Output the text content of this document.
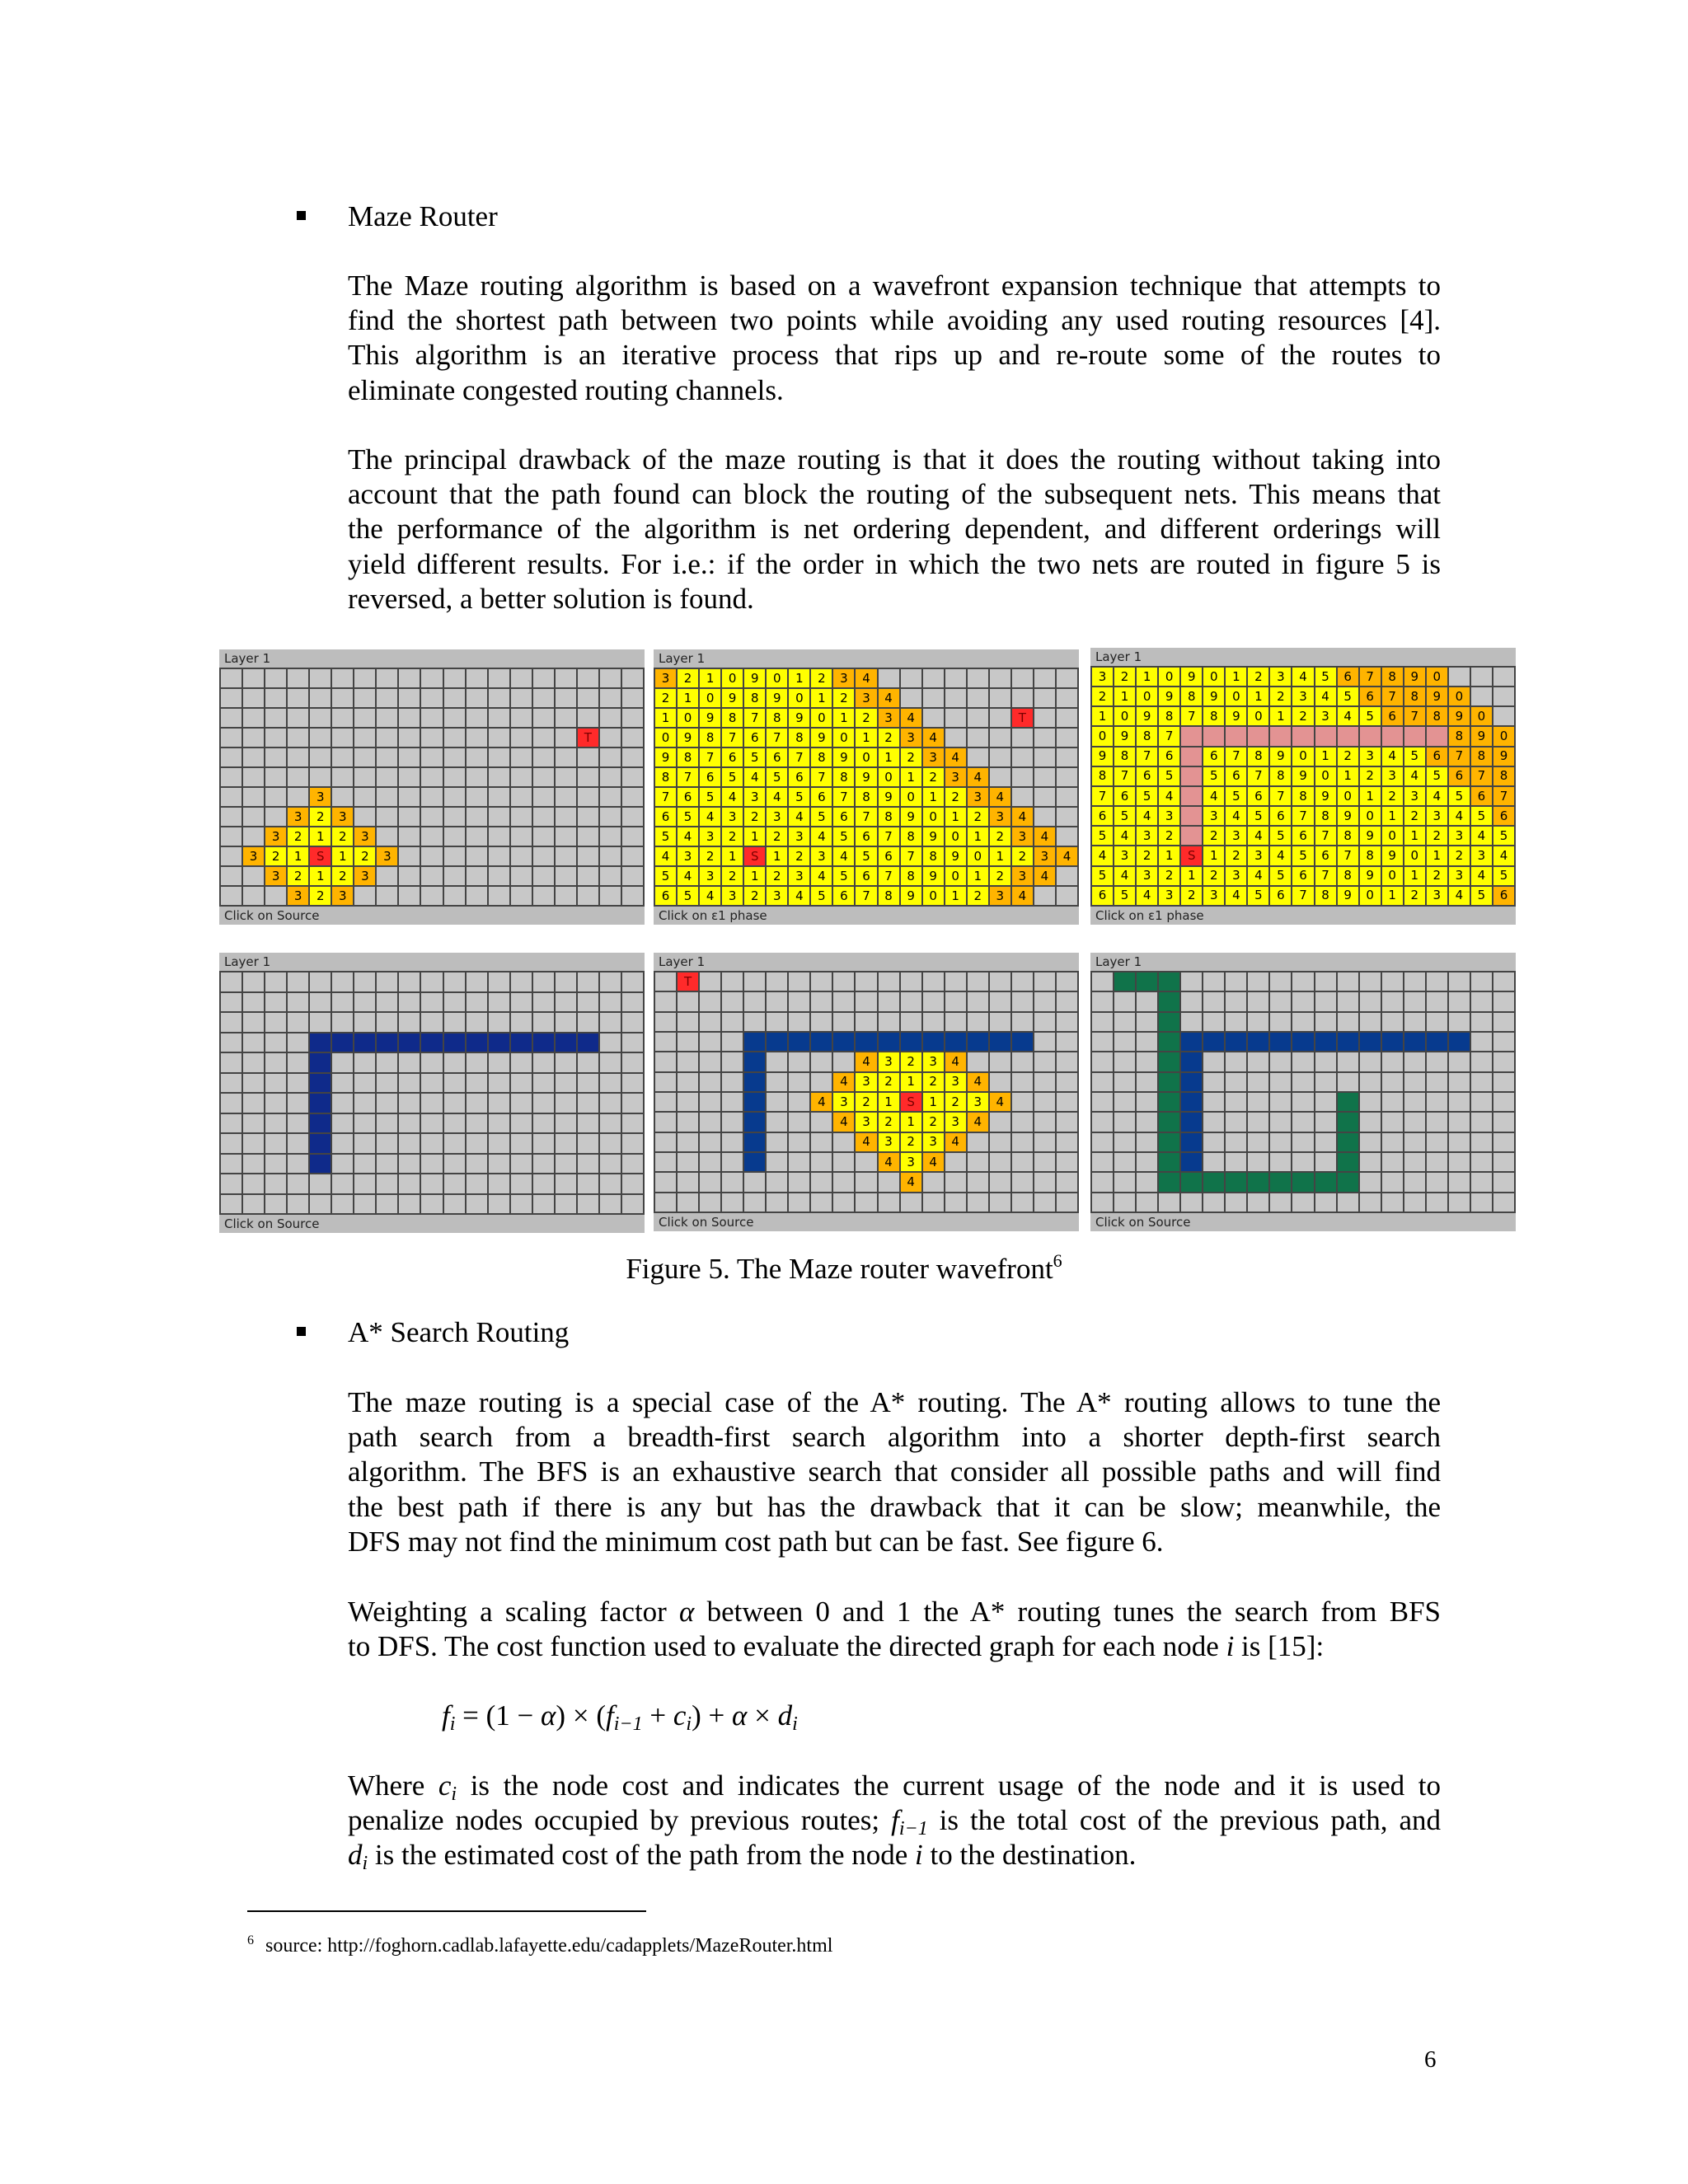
Maze Router
The Maze routing algorithm is based on a wavefront expansion technique that attempts to
find the shortest path between two points while avoiding any used routing resources [4].
This algorithm is an iterative process that rips up and re-route some of the routes to
eliminate congested routing channels.
The principal drawback of the maze routing is that it does the routing without taking into
account that the path found can block the routing of the subsequent nets. This means that
the performance of the algorithm is net ordering dependent, and different orderings will
yield different results. For i.e.: if the order in which the two nets are routed in figure 5 is
reversed, a better solution is found.
Layer 1
T
3
3	2	3
3	2	1	2	3
3	2	1	S	1	2	3
3	2	1	2	3
3	2	3
Click on Source
Layer 1
3	2	1	0	9	0	1	2	3	4
2	1	0	9	8	9	0	1	2	3	4
1	0	9	8	7	8	9	0	1	2	3	4	T
0	9	8	7	6	7	8	9	0	1	2	3	4
9	8	7	6	5	6	7	8	9	0	1	2	3	4
8	7	6	5	4	5	6	7	8	9	0	1	2	3	4
7	6	5	4	3	4	5	6	7	8	9	0	1	2	3	4
6	5	4	3	2	3	4	5	6	7	8	9	0	1	2	3	4
5	4	3	2	1	2	3	4	5	6	7	8	9	0	1	2	3	4
4	3	2	1	S	1	2	3	4	5	6	7	8	9	0	1	2	3	4
5	4	3	2	1	2	3	4	5	6	7	8	9	0	1	2	3	4
6	5	4	3	2	3	4	5	6	7	8	9	0	1	2	3	4
Click on ε1 phase
Layer 1
3	2	1	0	9	0	1	2	3	4	5	6	7	8	9	0
2	1	0	9	8	9	0	1	2	3	4	5	6	7	8	9	0
1	0	9	8	7	8	9	0	1	2	3	4	5	6	7	8	9	0
0	9	8	7	8	9	0
9	8	7	6	6	7	8	9	0	1	2	3	4	5	6	7	8	9
8	7	6	5	5	6	7	8	9	0	1	2	3	4	5	6	7	8
7	6	5	4	4	5	6	7	8	9	0	1	2	3	4	5	6	7
6	5	4	3	3	4	5	6	7	8	9	0	1	2	3	4	5	6
5	4	3	2	2	3	4	5	6	7	8	9	0	1	2	3	4	5
4	3	2	1	S	1	2	3	4	5	6	7	8	9	0	1	2	3	4
5	4	3	2	1	2	3	4	5	6	7	8	9	0	1	2	3	4	5
6	5	4	3	2	3	4	5	6	7	8	9	0	1	2	3	4	5	6
Click on ε1 phase
Layer 1
Click on Source
Layer 1
T
4	3	2	3	4
4	3	2	1	2	3	4
4	3	2	1	S	1	2	3	4
4	3	2	1	2	3	4
4	3	2	3	4
4	3	4
4
Click on Source
Layer 1
Click on Source
Figure 5. The Maze router wavefront$^6$
A* Search Routing
The maze routing is a special case of the A* routing. The A* routing allows to tune the
path search from a breadth-first search algorithm into a shorter depth-first search
algorithm. The BFS is an exhaustive search that consider all possible paths and will find
the best path if there is any but has the drawback that it can be slow; meanwhile, the
DFS may not find the minimum cost path but can be fast. See figure 6.
Weighting a scaling factor α between 0 and 1 the A* routing tunes the search from BFS
to DFS. The cost function used to evaluate the directed graph for each node i is [15]:
$f_i = (1 - \alpha) \times (f_{i-1} + c_i) + \alpha \times d_i$
Where $c_i$ is the node cost and indicates the current usage of the node and it is used to
penalize nodes occupied by previous routes; $f_{i-1}$ is the total cost of the previous path, and
$d_i$ is the estimated cost of the path from the node i to the destination.
$^6$ source: http://foghorn.cadlab.lafayette.edu/cadapplets/MazeRouter.html
6
